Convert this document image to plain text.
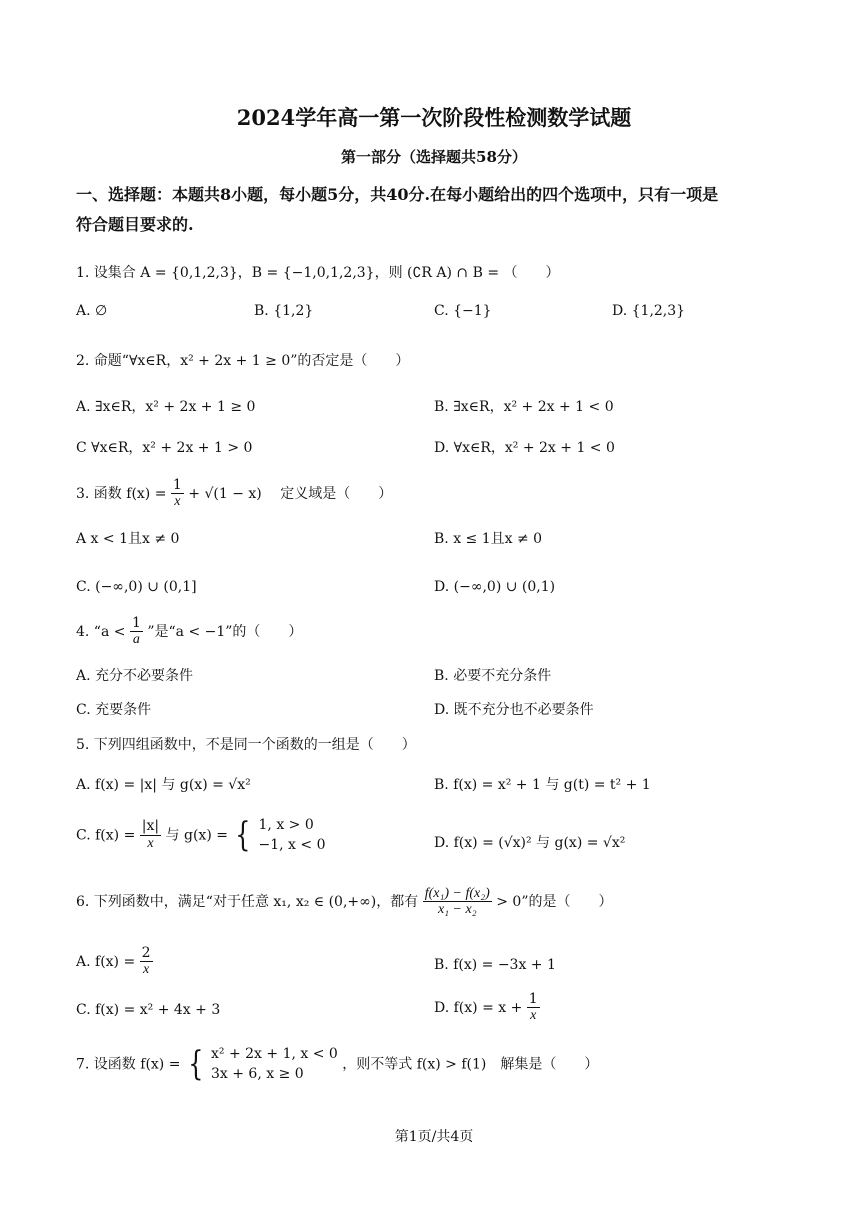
2024学年高一第一次阶段性检测数学试题
第一部分（选择题共58分）
一、选择题：本题共8小题，每小题5分，共40分.在每小题给出的四个选项中，只有一项是
符合题目要求的.
1. 设集合 A = {0,1,2,3}，B = {−1,0,1,2,3}，则 (∁R A) ∩ B = （　　）
A. ∅	B. {1,2}	C. {−1}	D. {1,2,3}
2. 命题“∀x∈R，x² + 2x + 1 ≥ 0”的否定是（　　）
A. ∃x∈R，x² + 2x + 1 ≥ 0	B. ∃x∈R，x² + 2x + 1 < 0
C ∀x∈R，x² + 2x + 1 > 0	D. ∀x∈R，x² + 2x + 1 < 0
3. 函数 $f(x) = \frac{1}{x} + √(1 - x)$　 定义域是（　　）
A x < 1且x ≠ 0	B. x ≤ 1且x ≠ 0
C. (−∞,0) ∪ (0,1]	D. (−∞,0) ∪ (0,1)
4. “$a < \frac{1}{a}$ ”是“a < −1”的（　　）
A. 充分不必要条件	B. 必要不充分条件
C. 充要条件	D. 既不充分也不必要条件
5. 下列四组函数中，不是同一个函数的一组是（　　）
A. f(x) = |x| 与 g(x) = √x²	B. f(x) = x² + 1 与 g(t) = t² + 1
C. $f(x) = \frac{|x|}{x}$ 与 g(x) = { 1, x > 0
−1, x < 0	D. f(x) = (√x)² 与 g(x) = √x²
6. 下列函数中，满足“对于任意 x₁, x₂ ∈ (0,+∞)，都有 $\frac{\text{f(x₁) − f(x₂)}}{\text{x₁ − x₂}} > 0$”的是（　　）
A. $f(x) = \frac{2}{x}$	B. f(x) = −3x + 1
C. f(x) = x² + 4x + 3	D. $f(x) = x + \frac{1}{x}$
7. 设函数 f(x) = { x² + 2x + 1, x < 0
3x + 6, x ≥ 0
，则不等式 f(x) > f(1)　解集是（　　）
第1页/共4页
